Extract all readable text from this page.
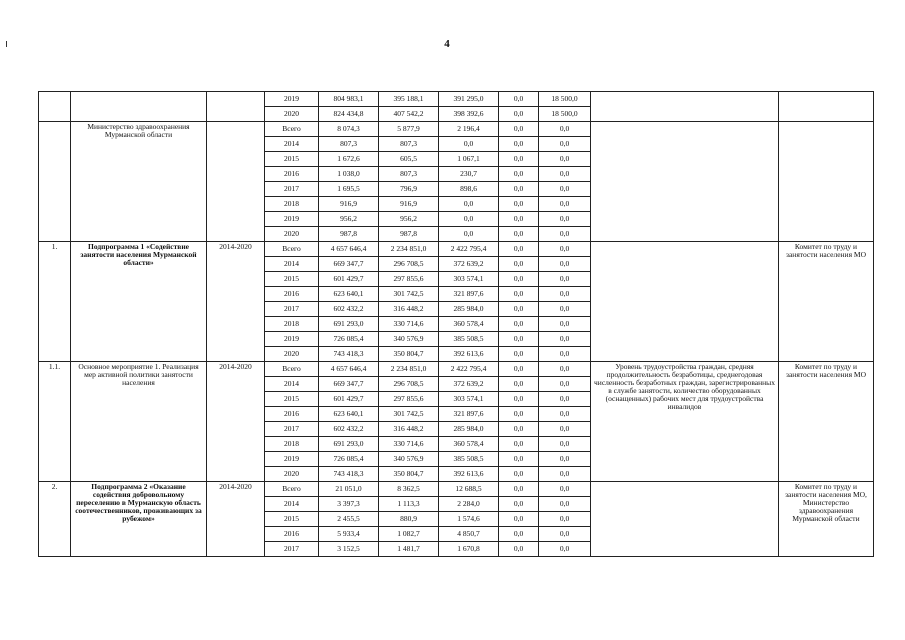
4
			2019	804 983,1	395 188,1	391 295,0	0,0	18 500,0		
			2020	824 434,8	407 542,2	398 392,6	0,0	18 500,0		
	Министерство здравоохранения Мурманской области		Всего	8 074,3	5 877,9	2 196,4	0,0	0,0		
			2014	807,3	807,3	0,0	0,0	0,0		
			2015	1 672,6	605,5	1 067,1	0,0	0,0		
			2016	1 038,0	807,3	230,7	0,0	0,0		
			2017	1 695,5	796,9	898,6	0,0	0,0		
			2018	916,9	916,9	0,0	0,0	0,0		
			2019	956,2	956,2	0,0	0,0	0,0		
			2020	987,8	987,8	0,0	0,0	0,0		
1.	Подпрограмма 1 «Содействие занятости населения Мурманской области»	2014-2020	Всего	4 657 646,4	2 234 851,0	2 422 795,4	0,0	0,0		Комитет по труду и занятости населения МО
			2014	669 347,7	296 708,5	372 639,2	0,0	0,0		
			2015	601 429,7	297 855,6	303 574,1	0,0	0,0		
			2016	623 640,1	301 742,5	321 897,6	0,0	0,0		
			2017	602 432,2	316 448,2	285 984,0	0,0	0,0		
			2018	691 293,0	330 714,6	360 578,4	0,0	0,0		
			2019	726 085,4	340 576,9	385 508,5	0,0	0,0		
			2020	743 418,3	350 804,7	392 613,6	0,0	0,0		
1.1.	Основное мероприятие 1. Реализация мер активной политики занятости населения	2014-2020	Всего	4 657 646,4	2 234 851,0	2 422 795,4	0,0	0,0	Уровень трудоустройства граждан, средняя продолжительность безработицы, среднегодовая численность безработных граждан, зарегистрированных в службе занятости, количество оборудованных (оснащенных) рабочих мест для трудоустройства инвалидов	Комитет по труду и занятости населения МО
			2014	669 347,7	296 708,5	372 639,2	0,0	0,0		
			2015	601 429,7	297 855,6	303 574,1	0,0	0,0		
			2016	623 640,1	301 742,5	321 897,6	0,0	0,0		
			2017	602 432,2	316 448,2	285 984,0	0,0	0,0		
			2018	691 293,0	330 714,6	360 578,4	0,0	0,0		
			2019	726 085,4	340 576,9	385 508,5	0,0	0,0		
			2020	743 418,3	350 804,7	392 613,6	0,0	0,0		
2.	Подпрограмма 2 «Оказание содействия добровольному переселению в Мурманскую область соотечественников, проживающих за рубежом»	2014-2020	Всего	21 051,0	8 362,5	12 688,5	0,0	0,0		Комитет по труду и занятости населения МО, Министерство здравоохранения Мурманской области
			2014	3 397,3	1 113,3	2 284,0	0,0	0,0		
			2015	2 455,5	880,9	1 574,6	0,0	0,0		
			2016	5 933,4	1 082,7	4 850,7	0,0	0,0		
			2017	3 152,5	1 481,7	1 670,8	0,0	0,0		
